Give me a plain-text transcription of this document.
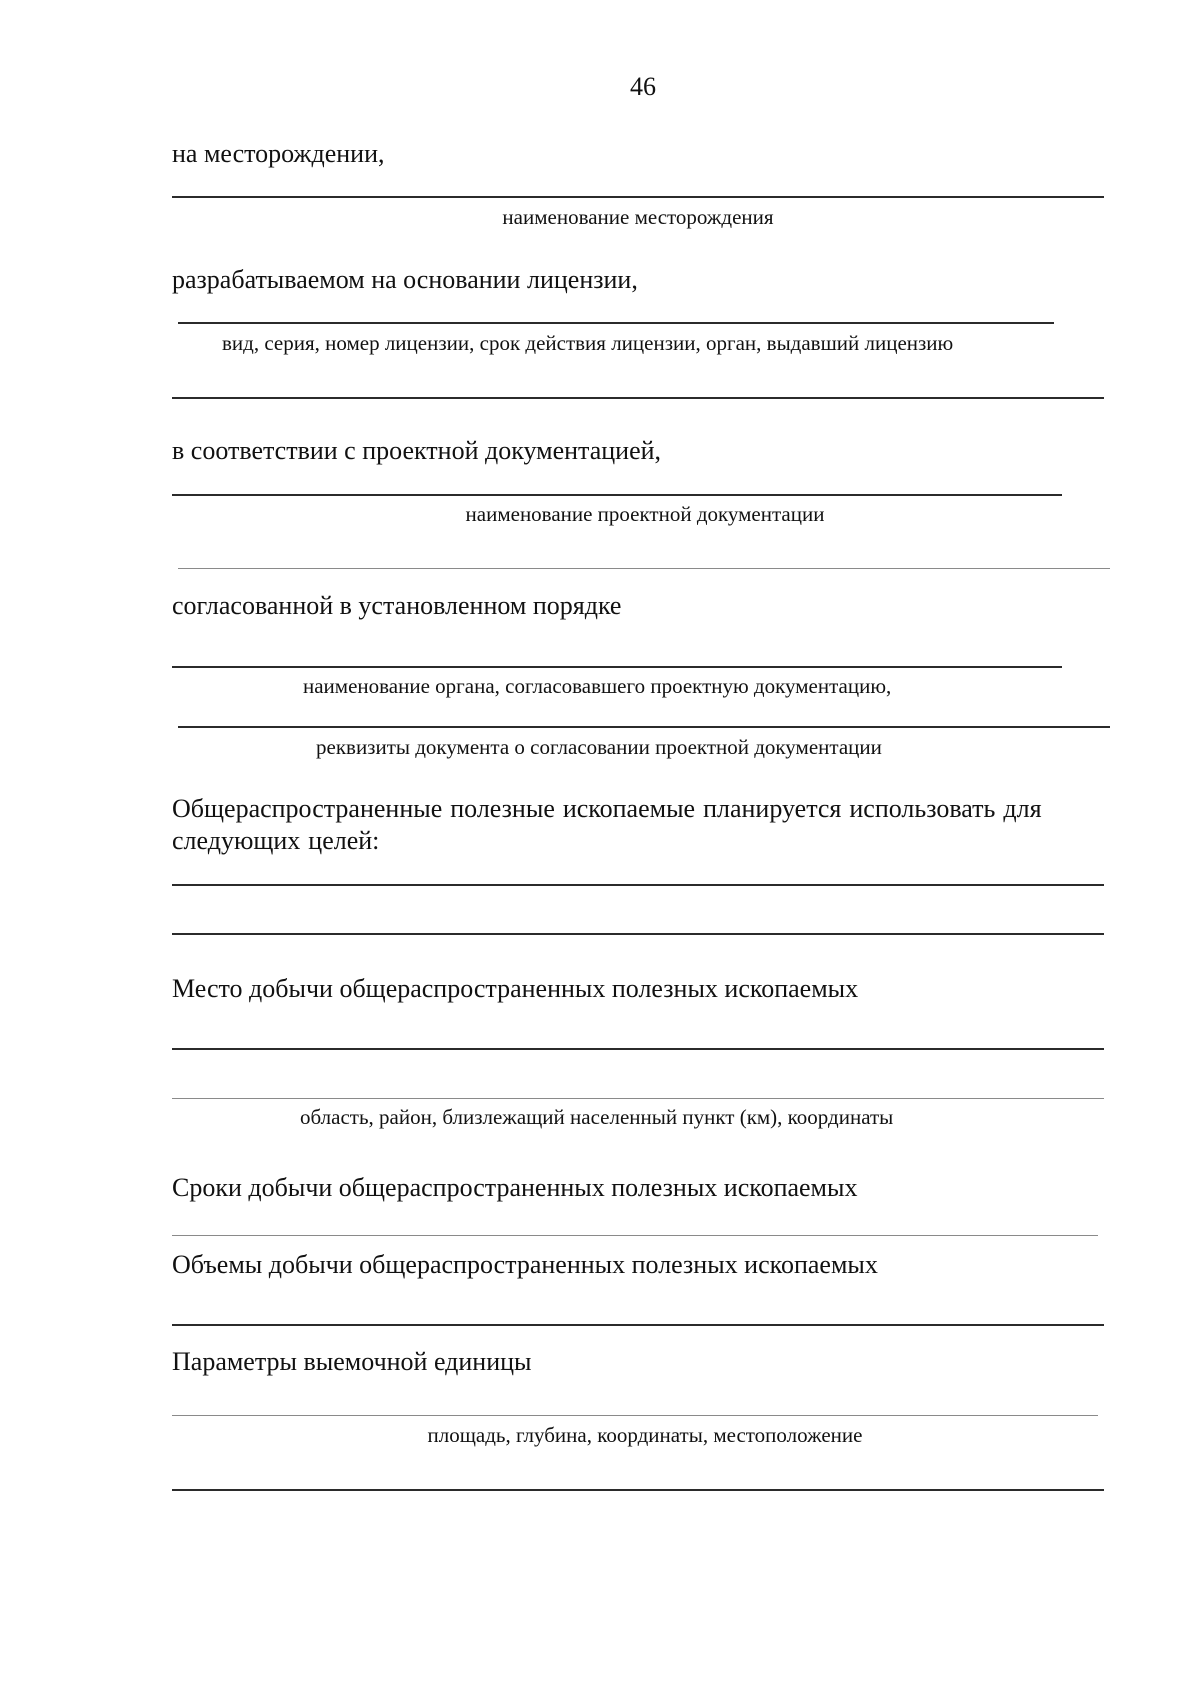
46
на месторождении,
наименование месторождения
разрабатываемом на основании лицензии,
вид, серия, номер лицензии, срок действия лицензии, орган, выдавший лицензию
в соответствии с проектной документацией,
наименование проектной документации
согласованной в установленном порядке
наименование органа, согласовавшего проектную документацию,
реквизиты документа о согласовании проектной документации
Общераспространенные полезные ископаемые планируется использовать для следующих целей:
Место добычи общераспространенных полезных ископаемых
область, район, близлежащий населенный пункт (км), координаты
Сроки добычи общераспространенных полезных ископаемых
Объемы добычи общераспространенных полезных ископаемых
Параметры выемочной единицы
площадь, глубина, координаты, местоположение
